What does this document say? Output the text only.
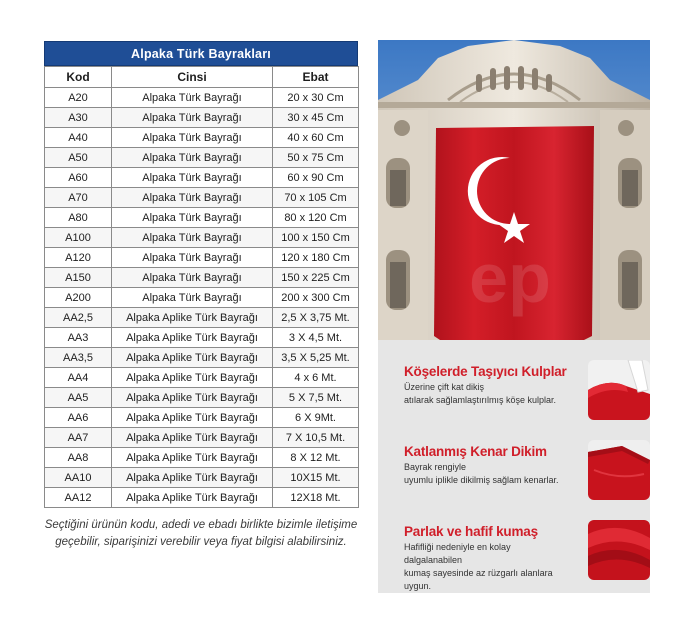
Alpaka Türk Bayrakları
Kod	Cinsi	Ebat
A20	Alpaka Türk Bayrağı	20 x 30 Cm
A30	Alpaka Türk Bayrağı	30 x 45 Cm
A40	Alpaka Türk Bayrağı	40 x 60 Cm
A50	Alpaka Türk Bayrağı	50 x 75 Cm
A60	Alpaka Türk Bayrağı	60 x 90 Cm
A70	Alpaka Türk Bayrağı	70 x 105 Cm
A80	Alpaka Türk Bayrağı	80 x 120 Cm
A100	Alpaka Türk Bayrağı	100 x 150 Cm
A120	Alpaka Türk Bayrağı	120 x 180 Cm
A150	Alpaka Türk Bayrağı	150 x 225 Cm
A200	Alpaka Türk Bayrağı	200 x 300 Cm
AA2,5	Alpaka Aplike Türk Bayrağı	2,5 X 3,75 Mt.
AA3	Alpaka Aplike Türk Bayrağı	3 X 4,5 Mt.
AA3,5	Alpaka Aplike Türk Bayrağı	3,5 X 5,25 Mt.
AA4	Alpaka Aplike Türk Bayrağı	4 x 6 Mt.
AA5	Alpaka Aplike Türk Bayrağı	5 X 7,5 Mt.
AA6	Alpaka Aplike Türk Bayrağı	6 X 9Mt.
AA7	Alpaka Aplike Türk Bayrağı	7 X 10,5 Mt.
AA8	Alpaka Aplike Türk Bayrağı	8 X 12 Mt.
AA10	Alpaka Aplike Türk Bayrağı	10X15 Mt.
AA12	Alpaka Aplike Türk Bayrağı	12X18 Mt.
Seçtiğini ürünün kodu, adedi ve ebadı birlikte bizimle iletişime
geçebilir, siparişinizi verebilir veya fiyat bilgisi alabilirsiniz.
ep
Köşelerde Taşıyıcı Kulplar
Üzerine çift kat dikiş
atılarak sağlamlaştırılmış köşe kulplar.
Katlanmış Kenar Dikim
Bayrak rengiyle
uyumlu iplikle dikilmiş sağlam kenarlar.
Parlak ve hafif kumaş
Hafifliği nedeniyle en kolay dalgalanabilen
kumaş sayesinde az rüzgarlı alanlara uygun.
